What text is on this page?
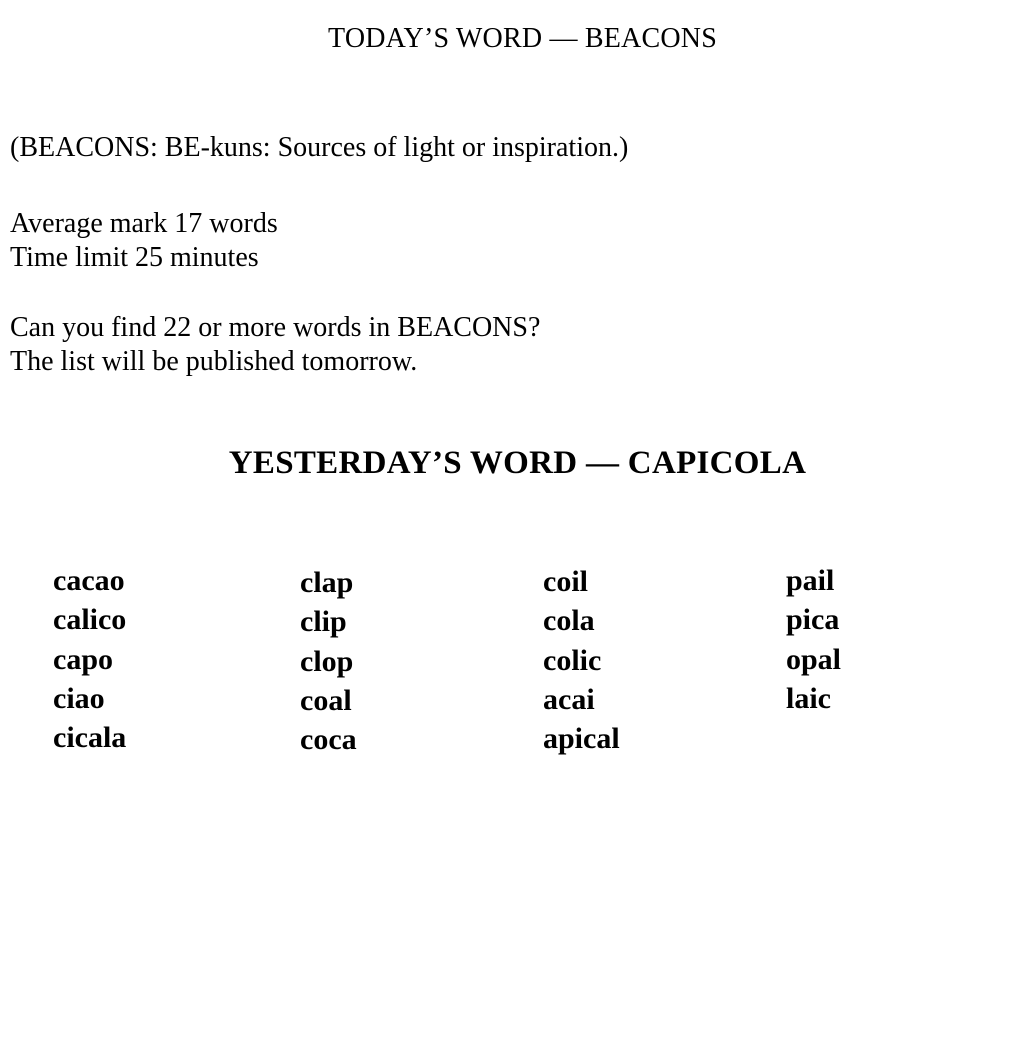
TODAY’S WORD — BEACONS
(BEACONS: BE-kuns: Sources of light or inspiration.)
Average mark 17 words
Time limit 25 minutes
Can you find 22 or more words in BEACONS?
The list will be published tomorrow.
YESTERDAY’S WORD — CAPICOLA
cacao
calico
capo
ciao
cicala
clap
clip
clop
coal
coca
coil
cola
colic
acai
apical
pail
pica
opal
laic
